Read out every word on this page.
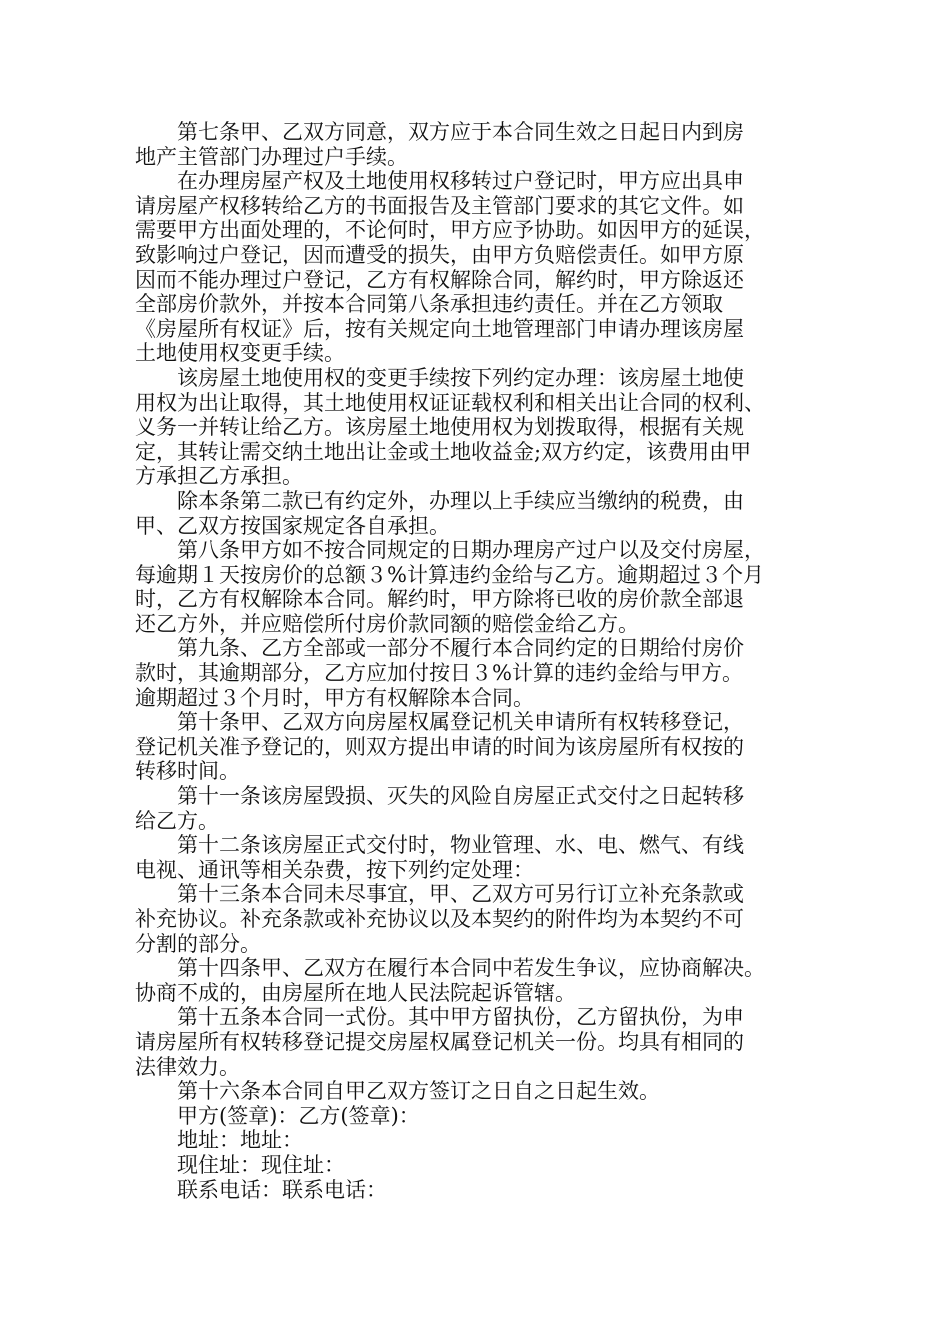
第七条甲、乙双方同意，双方应于本合同生效之日起日内到房
地产主管部门办理过户手续。

在办理房屋产权及土地使用权移转过户登记时，甲方应出具申
请房屋产权移转给乙方的书面报告及主管部门要求的其它文件。如
需要甲方出面处理的，不论何时，甲方应予协助。如因甲方的延误，
致影响过户登记，因而遭受的损失，由甲方负赔偿责任。如甲方原
因而不能办理过户登记，乙方有权解除合同，解约时，甲方除返还
全部房价款外，并按本合同第八条承担违约责任。并在乙方领取
《房屋所有权证》后，按有关规定向土地管理部门申请办理该房屋
土地使用权变更手续。

该房屋土地使用权的变更手续按下列约定办理：该房屋土地使
用权为出让取得，其土地使用权证证载权利和相关出让合同的权利、
义务一并转让给乙方。该房屋土地使用权为划拨取得，根据有关规
定，其转让需交纳土地出让金或土地收益金;双方约定，该费用由甲
方承担乙方承担。

除本条第二款已有约定外，办理以上手续应当缴纳的税费，由
甲、乙双方按国家规定各自承担。

第八条甲方如不按合同规定的日期办理房产过户以及交付房屋，
每逾期１天按房价的总额３%计算违约金给与乙方。逾期超过３个月
时，乙方有权解除本合同。解约时，甲方除将已收的房价款全部退
还乙方外，并应赔偿所付房价款同额的赔偿金给乙方。

第九条、乙方全部或一部分不履行本合同约定的日期给付房价
款时，其逾期部分，乙方应加付按日３%计算的违约金给与甲方。
逾期超过３个月时，甲方有权解除本合同。

第十条甲、乙双方向房屋权属登记机关申请所有权转移登记，
登记机关准予登记的，则双方提出申请的时间为该房屋所有权按的
转移时间。

第十一条该房屋毁损、灭失的风险自房屋正式交付之日起转移
给乙方。

第十二条该房屋正式交付时，物业管理、水、电、燃气、有线
电视、通讯等相关杂费，按下列约定处理：

第十三条本合同未尽事宜，甲、乙双方可另行订立补充条款或
补充协议。补充条款或补充协议以及本契约的附件均为本契约不可
分割的部分。

第十四条甲、乙双方在履行本合同中若发生争议，应协商解决。
协商不成的，由房屋所在地人民法院起诉管辖。

第十五条本合同一式份。其中甲方留执份，乙方留执份，为申
请房屋所有权转移登记提交房屋权属登记机关一份。均具有相同的
法律效力。

第十六条本合同自甲乙双方签订之日自之日起生效。

甲方(签章)：乙方(签章)：

地址：地址：

现住址：现住址：

联系电话：联系电话：
